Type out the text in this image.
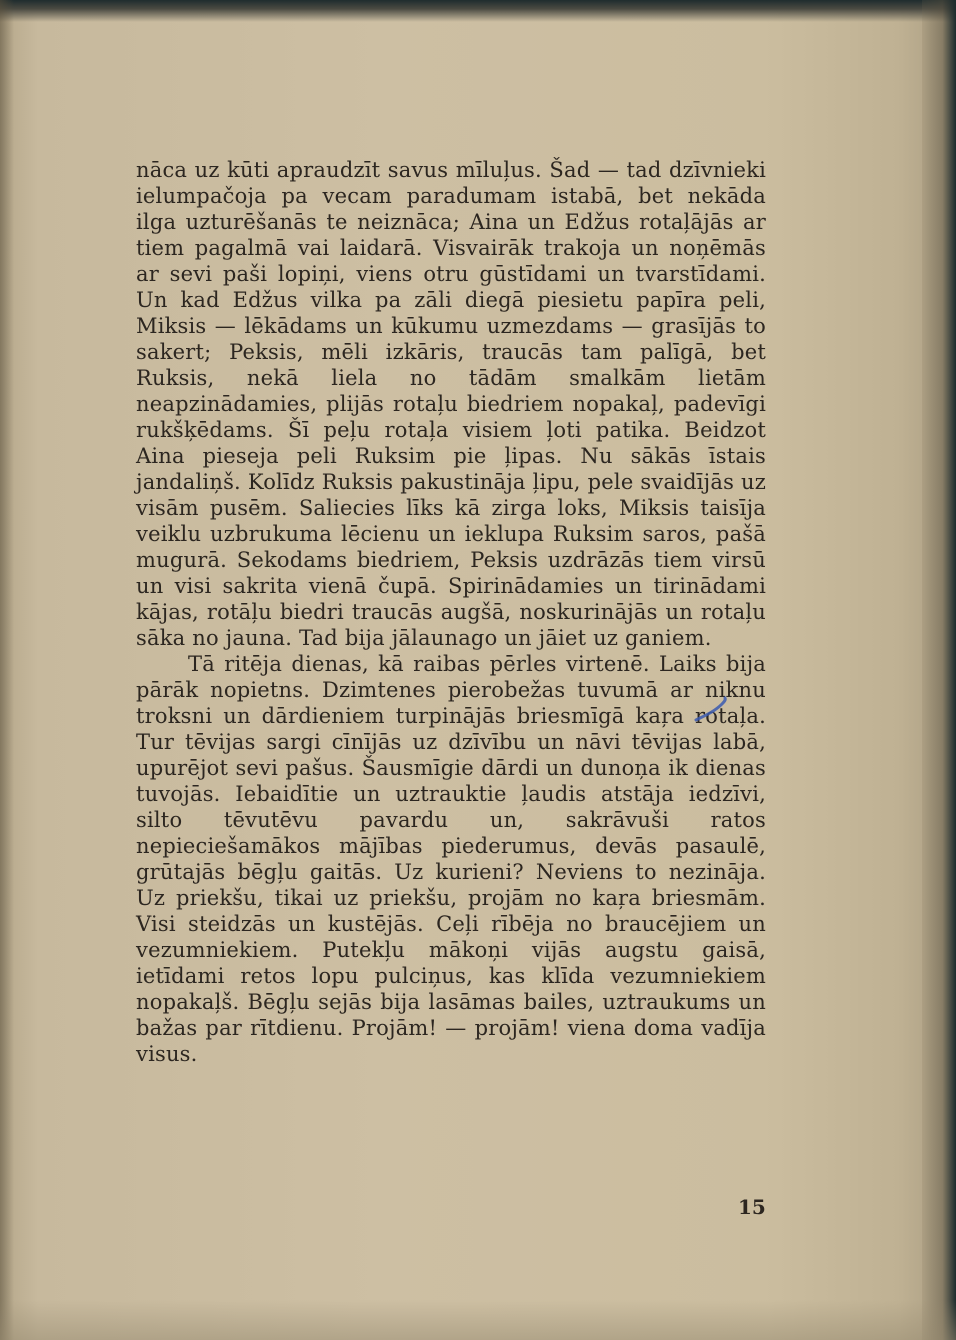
nāca uz kūti apraudzīt savus mīluļus. Šad — tad dzīvnieki ielumpačoja pa vecam paradumam istabā, bet nekāda ilga uzturēšanās te neiznāca; Aina un Edžus rotaļājās ar tiem pagalmā vai laidarā. Visvairāk trakoja un noņēmās ar sevi paši lopiņi, viens otru gūstīdami un tvarstīdami. Un kad Edžus vilka pa zāli diegā piesietu papīra peli, Miksis — lēkādams un kūkumu uzmezdams — grasījās to sakert; Peksis, mēli izkāris, traucās tam palīgā, bet Ruksis, nekā liela no tādām smalkām lietām neapzinādamies, plijās rotaļu biedriem nopakaļ, padevīgi rukšķēdams. Šī peļu rotaļa visiem ļoti patika. Beidzot Aina pieseja peli Ruksim pie ļipas. Nu sākās īstais jandaliņš. Kolīdz Ruksis pakustināja ļipu, pele svaidījās uz visām pusēm. Saliecies līks kā zirga loks, Miksis taisīja veiklu uzbrukuma lēcienu un ieklupa Ruksim saros, pašā mugurā. Sekodams biedriem, Peksis uzdrāzās tiem virsū un visi sakrita vienā čupā. Spirinādamies un tirinādami kājas, rotāļu biedri traucās augšā, noskurinājās un rotaļu sāka no jauna. Tad bija jālaunago un jāiet uz ganiem.

Tā ritēja dienas, kā raibas pērles virtenē. Laiks bija pārāk nopietns. Dzimtenes pierobežas tuvumā ar niknu troksni un dārdieniem turpinājās briesmīgā kaŗa rotaļa. Tur tēvijas sargi cīnījās uz dzīvību un nāvi tēvijas labā, upurējot sevi pašus. Šausmīgie dārdi un dunoņa ik dienas tuvojās. Iebaidītie un uztrauktie ļaudis atstāja iedzīvi, silto tēvutēvu pavardu un, sakrāvuši ratos nepieciešamākos mājības piederumus, devās pasaulē, grūtajās bēgļu gaitās. Uz kurieni? Neviens to nezināja. Uz priekšu, tikai uz priekšu, projām no kaŗa briesmām. Visi steidzās un kustējās. Ceļi rībēja no braucējiem un vezumniekiem. Putekļu mākoņi vijās augstu gaisā, ietīdami retos lopu pulciņus, kas klīda vezumniekiem nopakaļš. Bēgļu sejās bija lasāmas bailes, uztraukums un bažas par rītdienu. Projām! — projām! viena doma vadīja visus.

15
